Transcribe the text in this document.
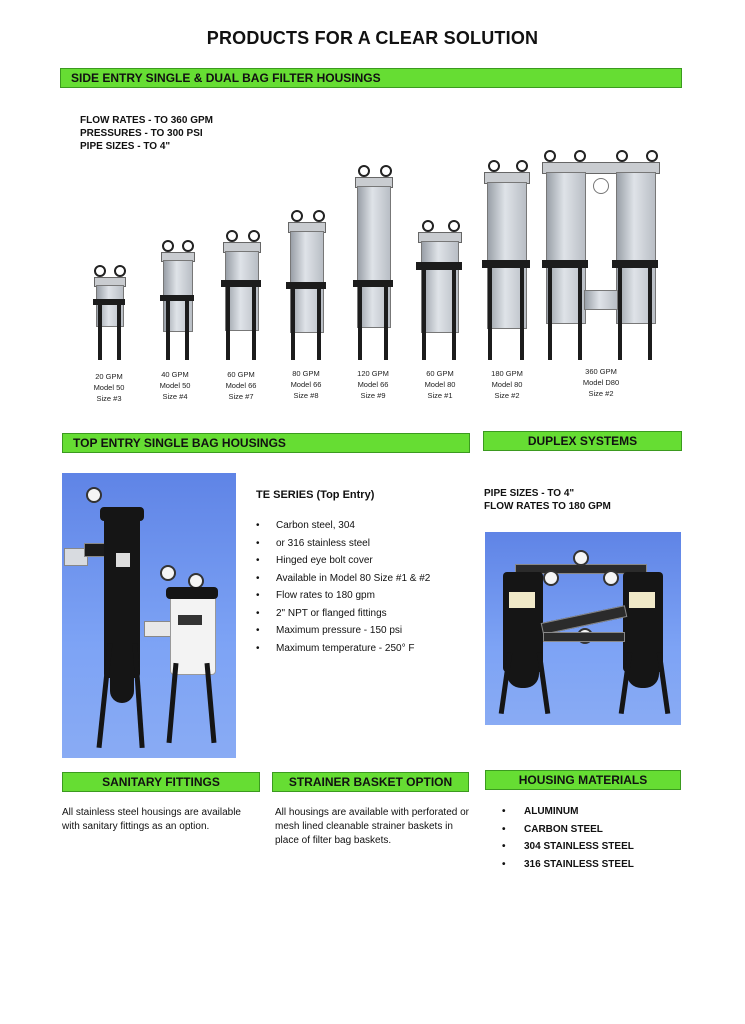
PRODUCTS FOR A CLEAR SOLUTION
SIDE ENTRY SINGLE & DUAL BAG FILTER HOUSINGS
FLOW RATES - TO 360 GPM
PRESSURES - TO 300 PSI
PIPE SIZES - TO 4"
20 GPM
Model 50
Size #3
40 GPM
Model 50
Size #4
60 GPM
Model 66
Size #7
80 GPM
Model 66
Size #8
120 GPM
Model 66
Size #9
60 GPM
Model 80
Size #1
180 GPM
Model 80
Size #2
360 GPM
Model D80
Size #2
TOP ENTRY SINGLE BAG HOUSINGS	DUPLEX SYSTEMS
TE SERIES (Top Entry)
• Carbon steel, 304
• or 316 stainless steel
• Hinged eye bolt cover
• Available in Model 80 Size #1 & #2
• Flow rates to 180 gpm
• 2" NPT or flanged fittings
• Maximum pressure - 150 psi
• Maximum temperature - 250° F
PIPE SIZES - TO 4"
FLOW RATES TO 180 GPM
SANITARY FITTINGS	STRAINER BASKET OPTION	HOUSING MATERIALS
All stainless steel housings are available with sanitary fittings as an option.
All housings are available with perforated or mesh lined cleanable strainer baskets in place of filter bag baskets.
• ALUMINUM
• CARBON STEEL
• 304 STAINLESS STEEL
• 316 STAINLESS STEEL
